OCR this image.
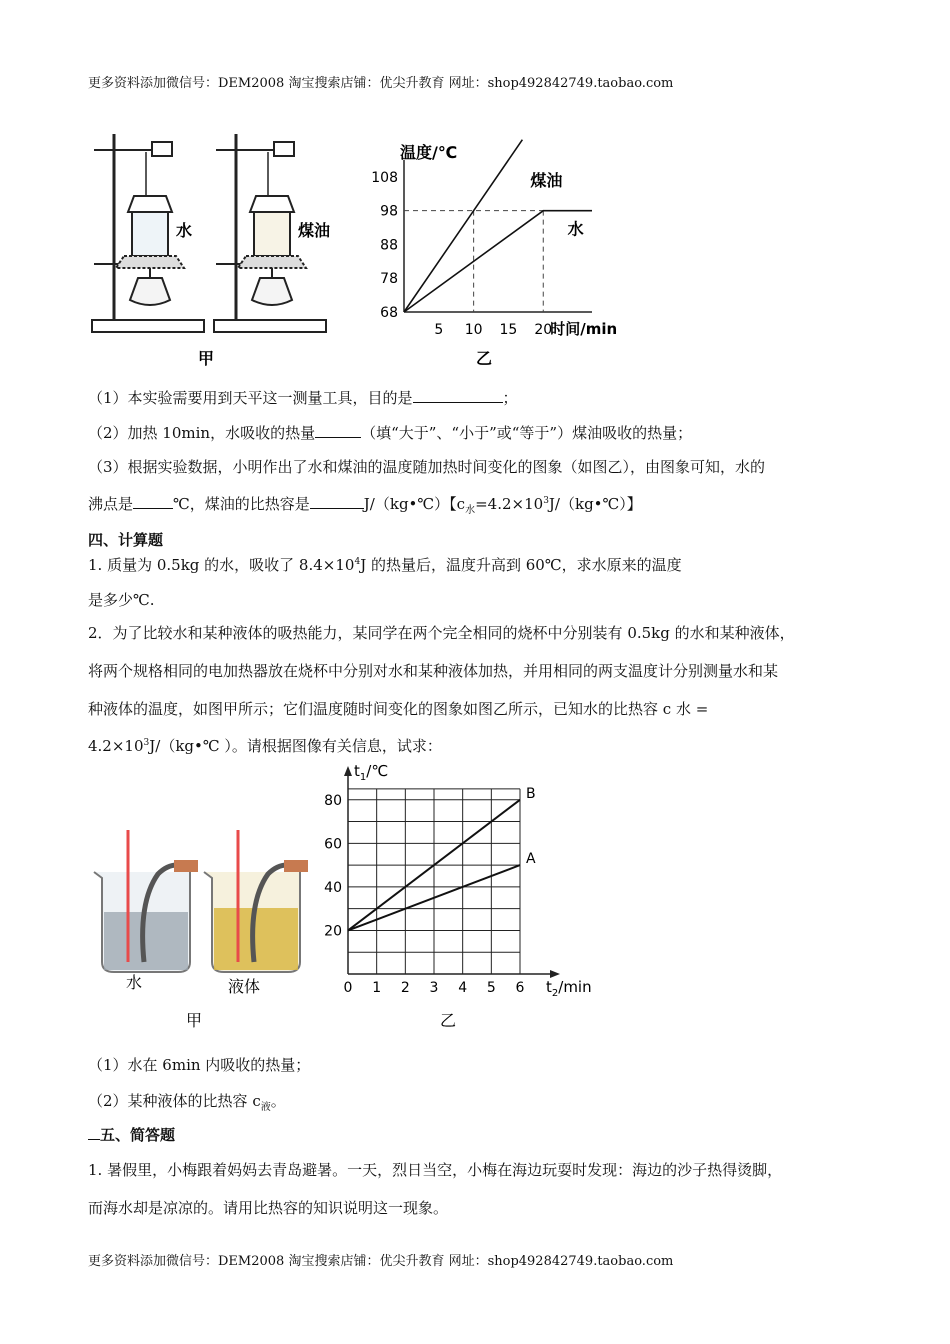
更多资料添加微信号：DEM2008 淘宝搜索店铺：优尖升教育 网址：shop492842749.taobao.com
水	煤油
甲
温度/℃
时间/min
68
78
88
98
108
5 10 15 20
煤油
水
乙
（1）本实验需要用到天平这一测量工具，目的是	；
（2）加热 10min，水吸收的热量	（填“大于”、“小于”或“等于”）煤油吸收的热量；
（3）根据实验数据，小明作出了水和煤油的温度随加热时间变化的图象（如图乙），由图象可知，水的
沸点是	℃，煤油的比热容是	J/（kg•℃）【$c_水=4.2\times 10^3J/(kg•℃)$】
四、计算题
1. 质量为 0.5kg 的水，吸收了 $8.4\times 10^4J$ 的热量后，温度升高到 60℃，求水原来的温度
是多少℃.
2．为了比较水和某种液体的吸热能力，某同学在两个完全相同的烧杯中分别装有 0.5kg 的水和某种液体，
将两个规格相同的电加热器放在烧杯中分别对水和某种液体加热，并用相同的两支温度计分别测量水和某
种液体的温度，如图甲所示；它们温度随时间变化的图象如图乙所示，已知水的比热容 c 水 =
$4.2\times 10^3J/(kg•℃$ ）。请根据图像有关信息，试求：
水	液体
甲
$t_1/℃$
$t_2/\min$
20
40
60
80
0 1 2 3 4 5 6
B
A
乙
（1）水在 6min 内吸收的热量；
（2）某种液体的比热容 $c_液$。
五、简答题
1. 暑假里，小梅跟着妈妈去青岛避暑。一天，烈日当空，小梅在海边玩耍时发现：海边的沙子热得烫脚，
而海水却是凉凉的。请用比热容的知识说明这一现象。
更多资料添加微信号：DEM2008 淘宝搜索店铺：优尖升教育 网址：shop492842749.taobao.com
